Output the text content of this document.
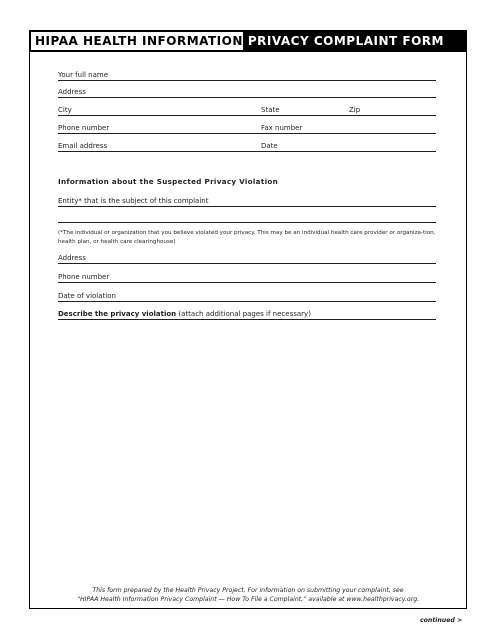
HIPAA HEALTH INFORMATION PRIVACY COMPLAINT FORM
Your full name
Address
City	State	Zip
Phone number	Fax number
Email address	Date
Information about the Suspected Privacy Violation
Entity* that is the subject of this complaint
(*The individual or organization that you believe violated your privacy. This may be an individual health care provider or organiza-tion, health plan, or health care clearinghouse)
Address
Phone number
Date of violation
Describe the privacy violation (attach additional pages if necessary)
This form prepared by the Health Privacy Project. For information on submitting your complaint, see
“HIPAA Health Information Privacy Complaint — How To File a Complaint,” available at www.healthprivacy.org.
continued >
